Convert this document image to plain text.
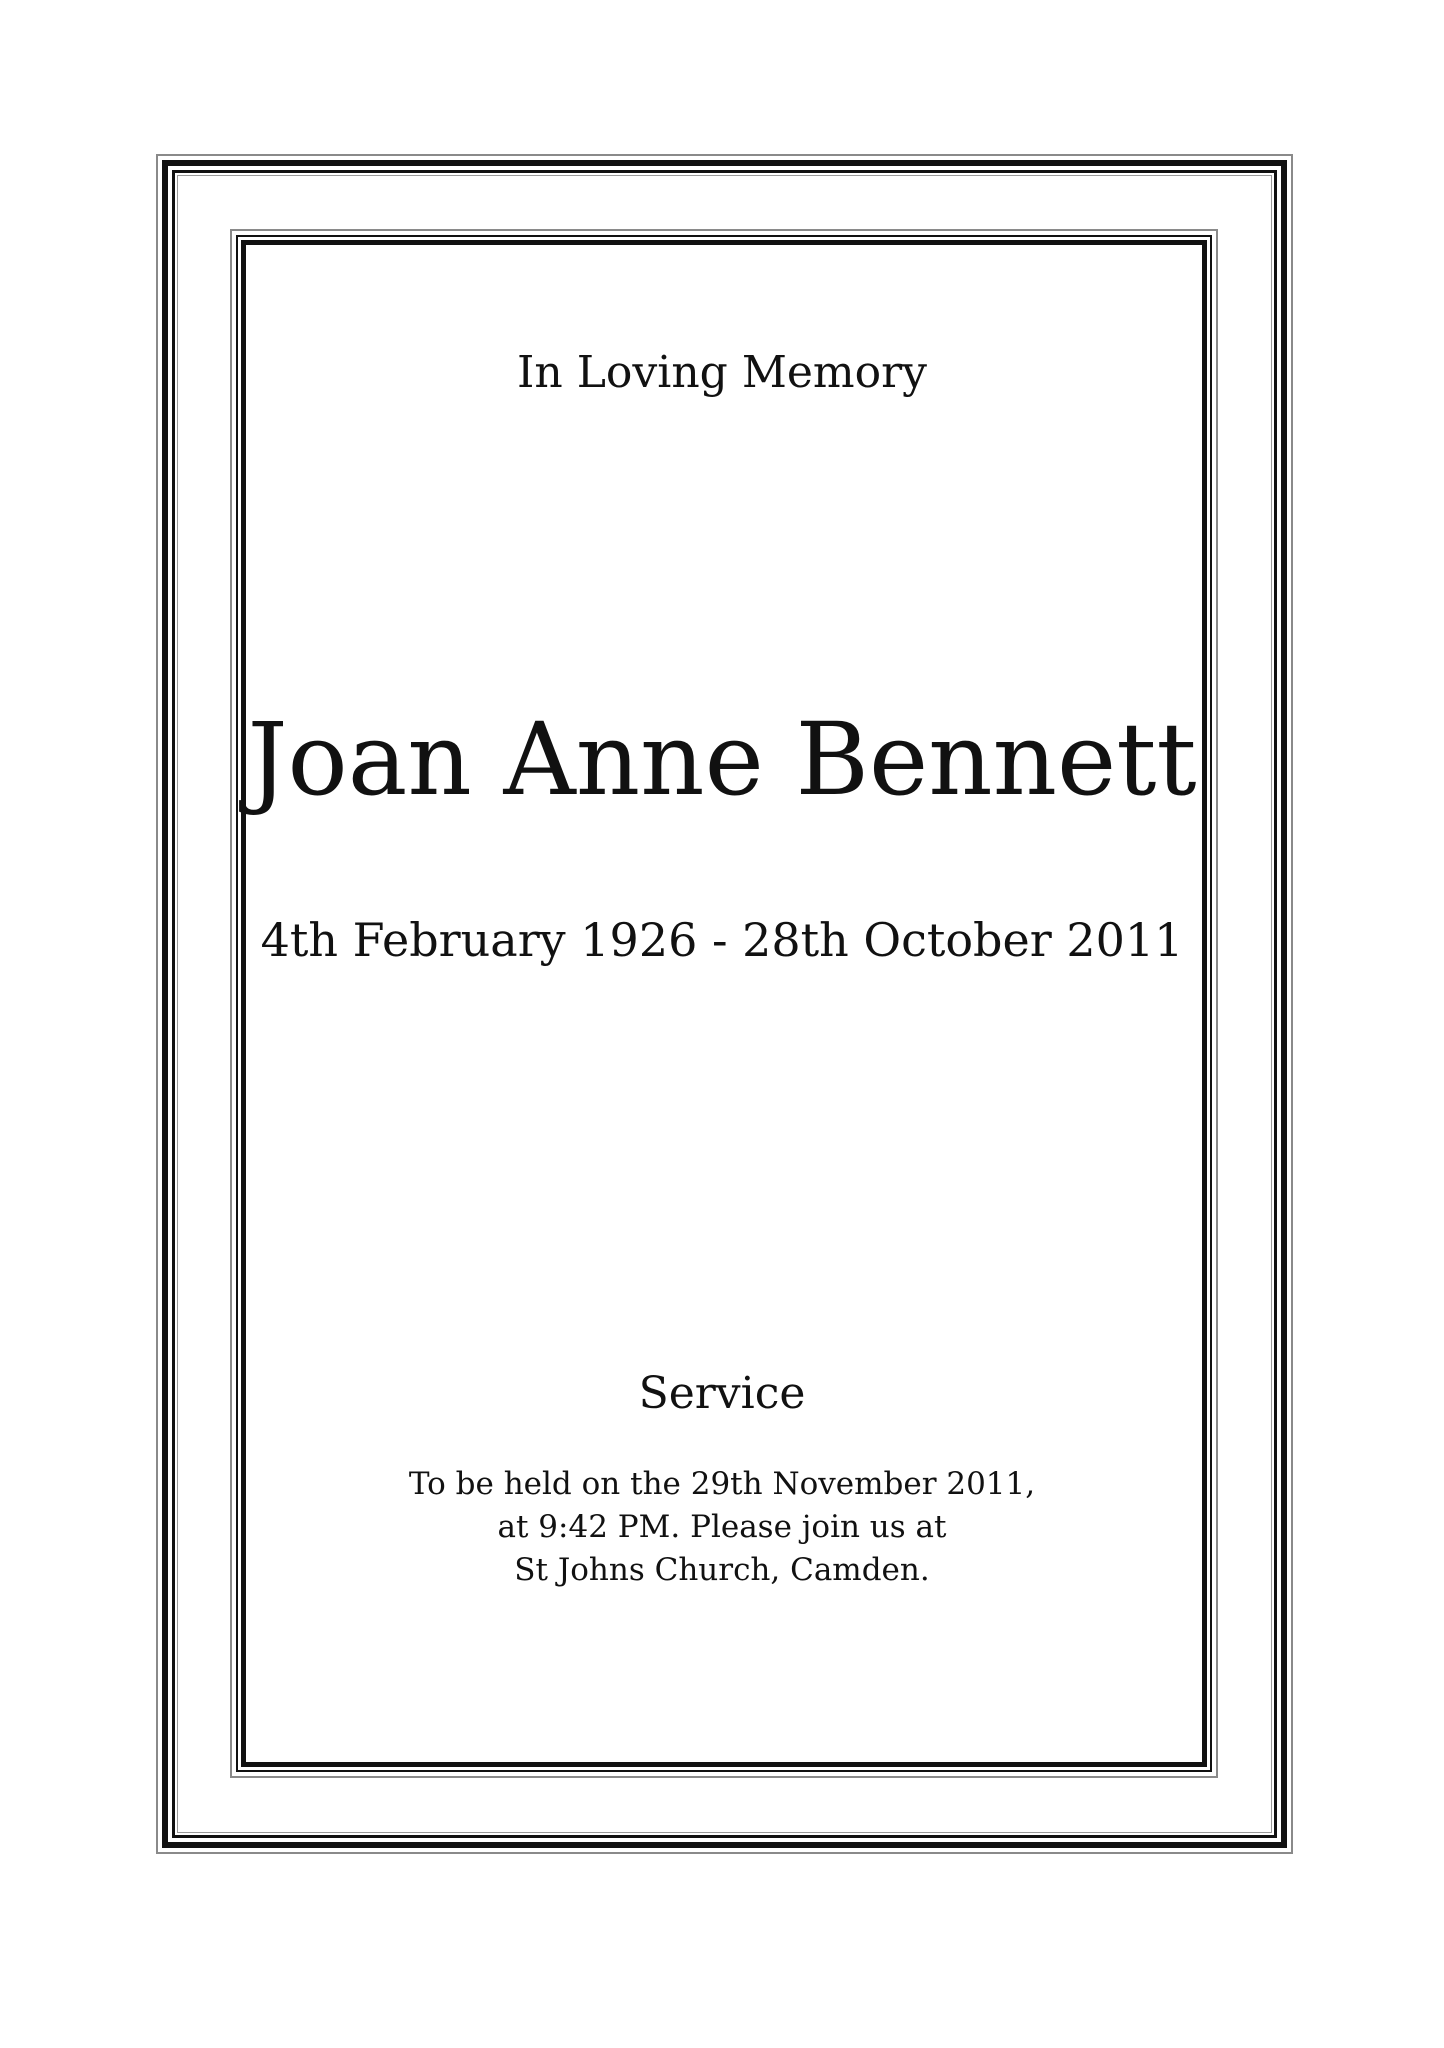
In Loving Memory
Joan Anne Bennett
4th February 1926 - 28th October 2011
Service
To be held on the 29th November 2011,
at 9:42 PM. Please join us at
St Johns Church, Camden.
